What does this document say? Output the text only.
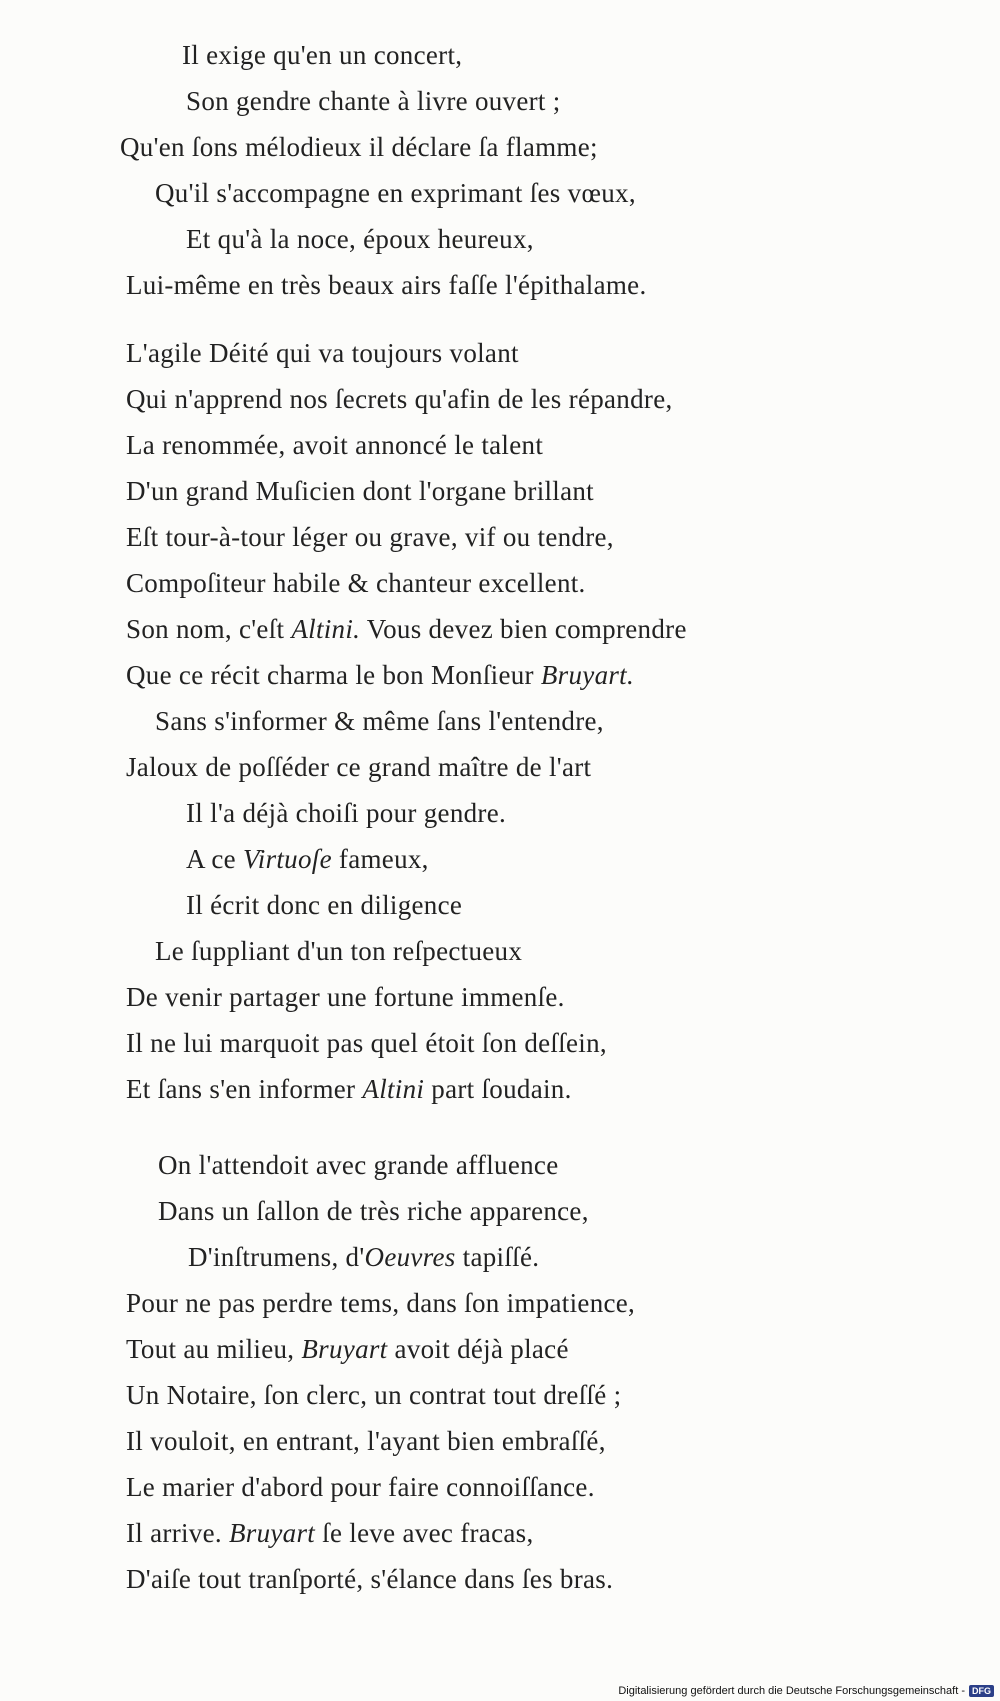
Il exige qu'en un concert,
Son gendre chante à livre ouvert ;
Qu'en ſons mélodieux il déclare ſa flamme;
Qu'il s'accompagne en exprimant ſes vœux,
Et qu'à la noce, époux heureux,
Lui-même en très beaux airs faſſe l'épithalame.
L'agile Déité qui va toujours volant
Qui n'apprend nos ſecrets qu'afin de les répandre,
La renommée, avoit annoncé le talent
D'un grand Muſicien dont l'organe brillant
Eſt tour-à-tour léger ou grave, vif ou tendre,
Compoſiteur habile & chanteur excellent.
Son nom, c'eſt Altini. Vous devez bien comprendre
Que ce récit charma le bon Monſieur Bruyart.
Sans s'informer & même ſans l'entendre,
Jaloux de poſſéder ce grand maître de l'art
Il l'a déjà choiſi pour gendre.
A ce Virtuoſe fameux,
Il écrit donc en diligence
Le ſuppliant d'un ton reſpectueux
De venir partager une fortune immenſe.
Il ne lui marquoit pas quel étoit ſon deſſein,
Et ſans s'en informer Altini part ſoudain.
On l'attendoit avec grande affluence
Dans un ſallon de très riche apparence,
D'inſtrumens, d'Oeuvres tapiſſé.
Pour ne pas perdre tems, dans ſon impatience,
Tout au milieu, Bruyart avoit déjà placé
Un Notaire, ſon clerc, un contrat tout dreſſé ;
Il vouloit, en entrant, l'ayant bien embraſſé,
Le marier d'abord pour faire connoiſſance.
Il arrive. Bruyart ſe leve avec fracas,
D'aiſe tout tranſporté, s'élance dans ſes bras.
Digitalisierung gefördert durch die Deutsche Forschungsgemeinschaft - DFG
